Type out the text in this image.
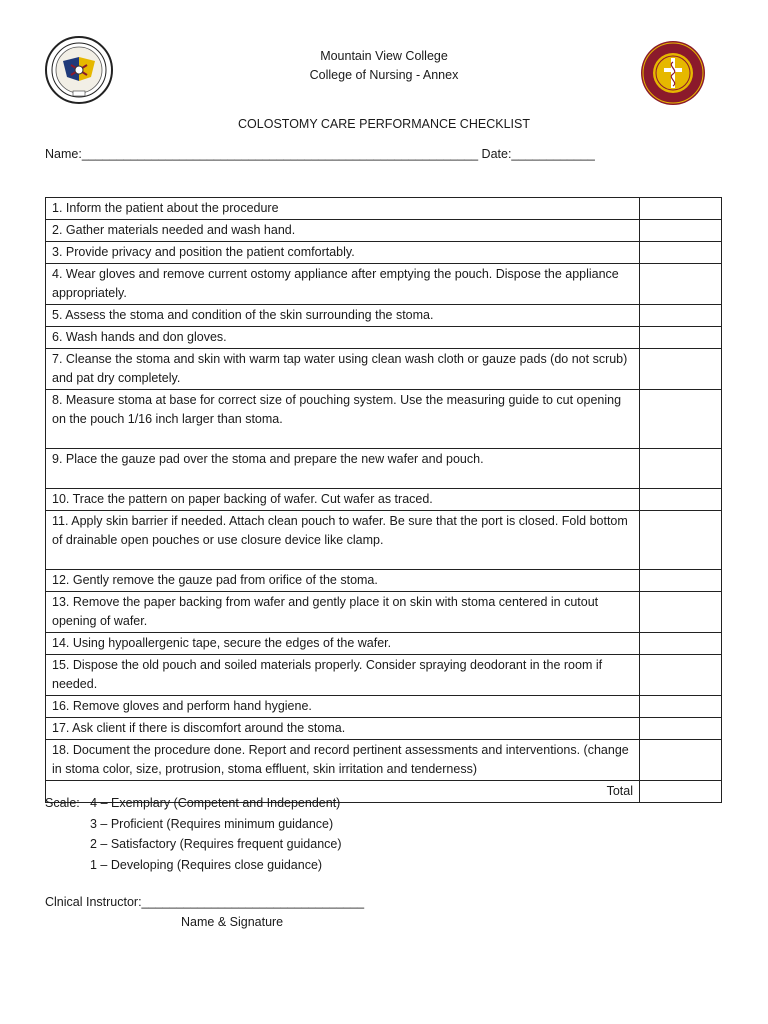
Mountain View College
College of Nursing - Annex
COLOSTOMY CARE PERFORMANCE CHECKLIST
Name:_________________________________________________________ Date:____________
1. Inform the patient about the procedure	
2. Gather materials needed and wash hand.	
3. Provide privacy and position the patient comfortably.	
4. Wear gloves and remove current ostomy appliance after emptying the pouch. Dispose the appliance appropriately.	
5. Assess the stoma and condition of the skin surrounding the stoma.	
6. Wash hands and don gloves.	
7. Cleanse the stoma and skin with warm tap water using clean wash cloth or gauze pads (do not scrub) and pat dry completely.	
8. Measure stoma at base for correct size of pouching system. Use the measuring guide to cut opening on the pouch 1/16 inch larger than stoma.	
9. Place the gauze pad over the stoma and prepare the new wafer and pouch.	
10. Trace the pattern on paper backing of wafer. Cut wafer as traced.	
11. Apply skin barrier if needed. Attach clean pouch to wafer. Be sure that the port is closed. Fold bottom of drainable open pouches or use closure device like clamp.	
12. Gently remove the gauze pad from orifice of the stoma.	
13. Remove the paper backing from wafer and gently place it on skin with stoma centered in cutout opening of wafer.	
14. Using hypoallergenic tape, secure the edges of the wafer.	
15. Dispose the old pouch and soiled materials properly. Consider spraying deodorant in the room if needed.	
16. Remove gloves and perform hand hygiene.	
17. Ask client if there is discomfort around the stoma.	
18. Document the procedure done. Report and record pertinent assessments and interventions. (change in stoma color, size, protrusion, stoma effluent, skin irritation and tenderness)	
Total	
Scale: 4 – Exemplary (Competent and Independent)
3 – Proficient (Requires minimum guidance)
2 – Satisfactory (Requires frequent guidance)
1 – Developing (Requires close guidance)
Clnical Instructor:________________________________
Name & Signature
